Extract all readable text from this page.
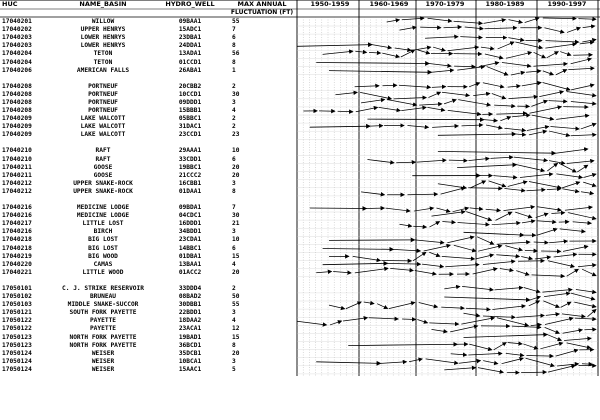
HUC	NAME_BASIN	HYDRO_WELL	MAX ANNUAL
FLUCTUATION (FT)
1950-1959	1960-1969	1970-1979	1980-1989	1990-1997
17040201	WILLOW	09BAA1	55
17040202	UPPER HENRYS	15ADC1	7
17040203	LOWER HENRYS	23DBA1	6
17040203	LOWER HENRYS	24DDA1	8
17040204	TETON	13ADA1	56
17040204	TETON	01CCD1	8
17040206	AMERICAN FALLS	26ABA1	1
17040208	PORTNEUF	20CBB2	2
17040208	PORTNEUF	10CCD1	30
17040208	PORTNEUF	09DDD1	3
17040208	PORTNEUF	15BBB1	4
17040209	LAKE WALCOTT	05BBC1	2
17040209	LAKE WALCOTT	31DAC1	2
17040209	LAKE WALCOTT	23CCD1	23
17040210	RAFT	29AAA1	10
17040210	RAFT	33CDD1	6
17040211	GOOSE	19BBC1	20
17040211	GOOSE	21CCC2	20
17040212	UPPER SNAKE-ROCK	16CBB1	3
17040212	UPPER SNAKE-ROCK	01DAA1	8
17040216	MEDICINE LODGE	09BDA1	7
17040216	MEDICINE LODGE	04CDC1	30
17040217	LITTLE LOST	16DDD1	21
17040216	BIRCH	34BDD1	3
17040218	BIG LOST	23CDA1	10
17040218	BIG LOST	14BBC1	6
17040219	BIG WOOD	01DBA1	15
17040220	CAMAS	13BAA1	4
17040221	LITTLE WOOD	01ACC2	20
17050101	C. J. STRIKE RESERVOIR	33DDD4	2
17050102	BRUNEAU	08BAD2	50
17050103	MIDDLE SNAKE-SUCCOR	30DBB1	55
17050121	SOUTH FORK PAYETTE	22BDD1	3
17050122	PAYETTE	18DAA2	4
17050122	PAYETTE	23ACA1	12
17050123	NORTH FORK PAYETTE	19BAD1	15
17050123	NORTH FORK PAYETTE	36BCD1	8
17050124	WEISER	35DCB1	20
17050124	WEISER	10BCA1	3
17050124	WEISER	15AAC1	5
